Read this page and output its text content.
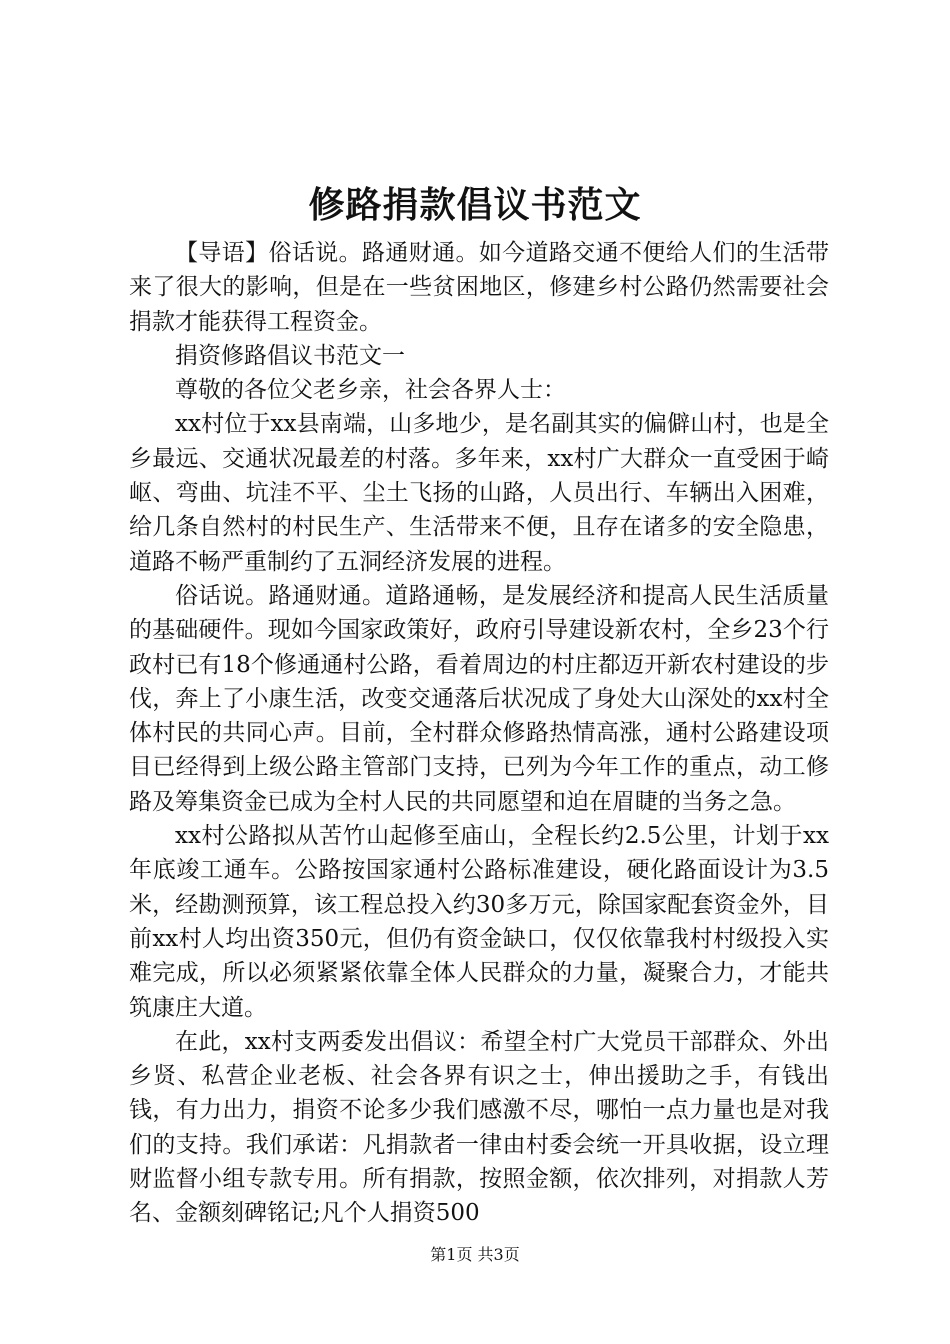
修路捐款倡议书范文

【导语】俗话说。路通财通。如今道路交通不便给人们的生活带来了很大的影响，但是在一些贫困地区，修建乡村公路仍然需要社会捐款才能获得工程资金。

捐资修路倡议书范文一

尊敬的各位父老乡亲，社会各界人士：

xx村位于xx县南端，山多地少，是名副其实的偏僻山村，也是全乡最远、交通状况最差的村落。多年来，xx村广大群众一直受困于崎岖、弯曲、坑洼不平、尘土飞扬的山路，人员出行、车辆出入困难，给几条自然村的村民生产、生活带来不便，且存在诸多的安全隐患，道路不畅严重制约了五洞经济发展的进程。

俗话说。路通财通。道路通畅，是发展经济和提高人民生活质量的基础硬件。现如今国家政策好，政府引导建设新农村，全乡23个行政村已有18个修通通村公路，看着周边的村庄都迈开新农村建设的步伐，奔上了小康生活，改变交通落后状况成了身处大山深处的xx村全体村民的共同心声。目前，全村群众修路热情高涨，通村公路建设项目已经得到上级公路主管部门支持，已列为今年工作的重点，动工修路及筹集资金已成为全村人民的共同愿望和迫在眉睫的当务之急。

xx村公路拟从苦竹山起修至庙山，全程长约2.5公里，计划于xx年底竣工通车。公路按国家通村公路标准建设，硬化路面设计为3.5米，经勘测预算，该工程总投入约30多万元，除国家配套资金外，目前xx村人均出资350元，但仍有资金缺口，仅仅依靠我村村级投入实难完成，所以必须紧紧依靠全体人民群众的力量，凝聚合力，才能共筑康庄大道。

在此，xx村支两委发出倡议：希望全村广大党员干部群众、外出乡贤、私营企业老板、社会各界有识之士，伸出援助之手，有钱出钱，有力出力，捐资不论多少我们感激不尽，哪怕一点力量也是对我们的支持。我们承诺：凡捐款者一律由村委会统一开具收据，设立理财监督小组专款专用。所有捐款，按照金额，依次排列，对捐款人芳名、金额刻碑铭记;凡个人捐资500

第1页 共3页
